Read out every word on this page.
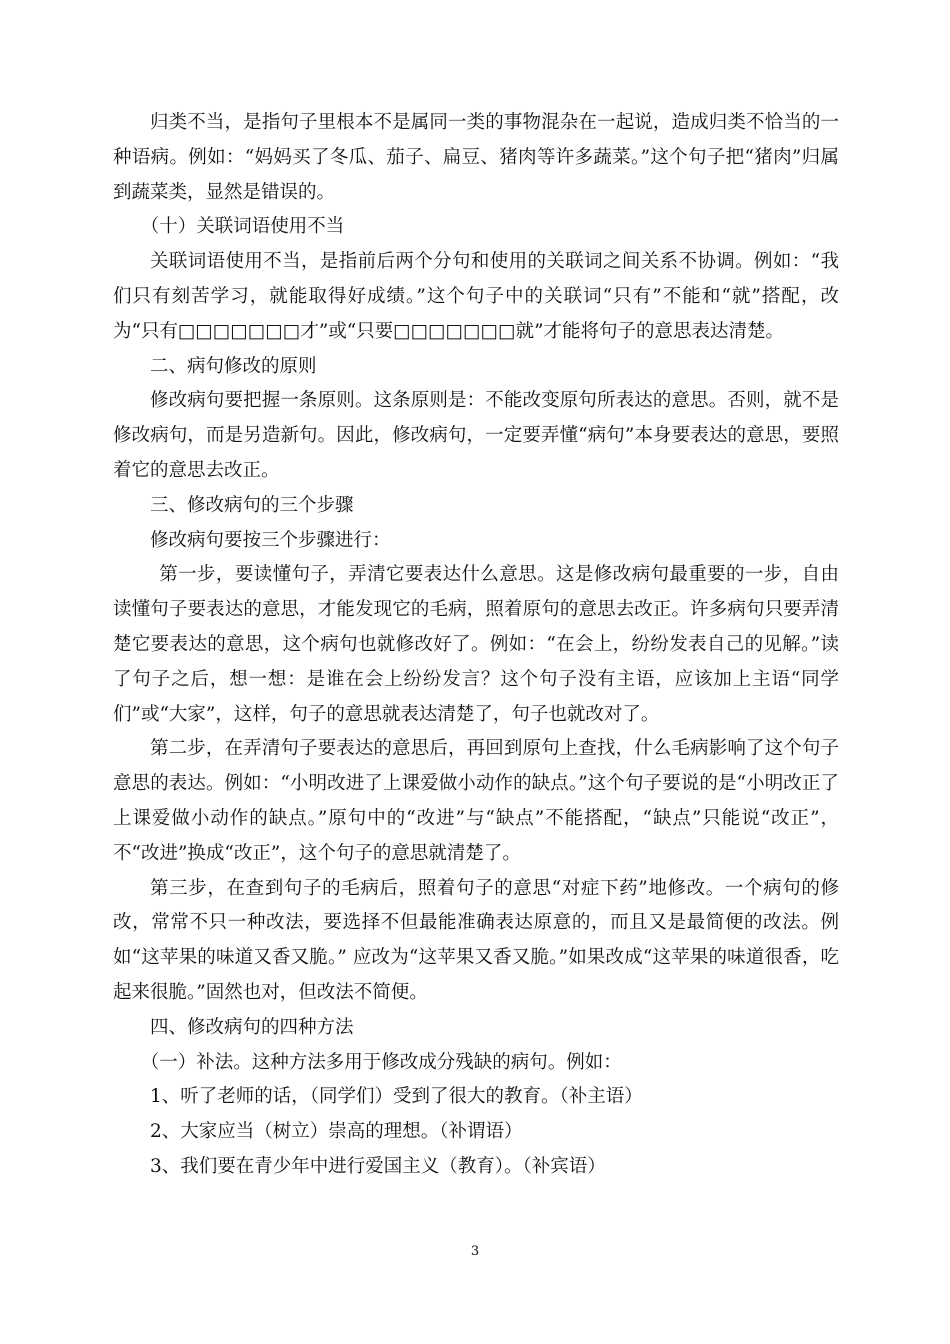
归类不当，是指句子里根本不是属同一类的事物混杂在一起说，造成归类不恰当的一种语病。例如：“妈妈买了冬瓜、茄子、扁豆、猪肉等许多蔬菜。”这个句子把“猪肉”归属到蔬菜类，显然是错误的。

（十）关联词语使用不当

关联词语使用不当，是指前后两个分句和使用的关联词之间关系不协调。例如：“我们只有刻苦学习，就能取得好成绩。”这个句子中的关联词“只有”不能和“就”搭配，改为“只有□□□□□□□才”或“只要□□□□□□□就”才能将句子的意思表达清楚。

二、病句修改的原则

修改病句要把握一条原则。这条原则是：不能改变原句所表达的意思。否则，就不是修改病句，而是另造新句。因此，修改病句，一定要弄懂“病句”本身要表达的意思，要照着它的意思去改正。

三、修改病句的三个步骤

修改病句要按三个步骤进行：

第一步，要读懂句子，弄清它要表达什么意思。这是修改病句最重要的一步，自由读懂句子要表达的意思，才能发现它的毛病，照着原句的意思去改正。许多病句只要弄清楚它要表达的意思，这个病句也就修改好了。例如：“在会上，纷纷发表自己的见解。”读了句子之后，想一想：是谁在会上纷纷发言？这个句子没有主语，应该加上主语“同学们”或“大家”，这样，句子的意思就表达清楚了，句子也就改对了。

第二步，在弄清句子要表达的意思后，再回到原句上查找，什么毛病影响了这个句子意思的表达。例如：“小明改进了上课爱做小动作的缺点。”这个句子要说的是“小明改正了上课爱做小动作的缺点。”原句中的“改进”与“缺点”不能搭配，“缺点”只能说“改正”，不“改进”换成“改正”，这个句子的意思就清楚了。

第三步，在查到句子的毛病后，照着句子的意思“对症下药”地修改。一个病句的修改，常常不只一种改法，要选择不但最能准确表达原意的，而且又是最简便的改法。例如“这苹果的味道又香又脆。” 应改为“这苹果又香又脆。”如果改成“这苹果的味道很香，吃起来很脆。”固然也对，但改法不简便。

四、修改病句的四种方法

（一）补法。这种方法多用于修改成分残缺的病句。例如：

1、听了老师的话，（同学们）受到了很大的教育。（补主语）

2、大家应当（树立）崇高的理想。（补谓语）

3、我们要在青少年中进行爱国主义（教育）。（补宾语）

3
